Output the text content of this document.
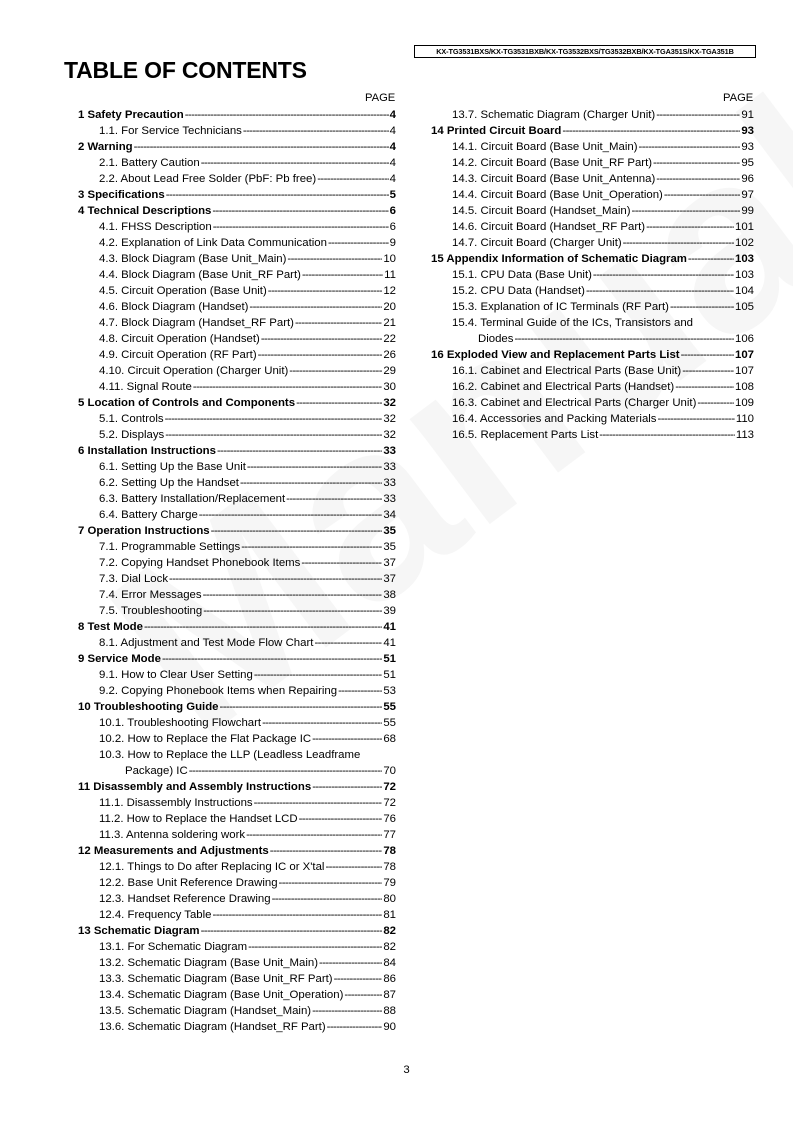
KX-TG3531BXS/KX-TG3531BXB/KX-TG3532BXS/TG3532BXB/KX-TGA351S/KX-TGA351B
TABLE OF CONTENTS
PAGE	PAGE
1 Safety Precaution -----	4
1.1. For Service Technicians -----	4
2 Warning -----	4
2.1. Battery Caution -----	4
2.2. About Lead Free Solder (PbF: Pb free) -----	4
3 Specifications -----	5
4 Technical Descriptions -----	6
4.1. FHSS Description -----	6
4.2. Explanation of Link Data Communication -----	9
4.3. Block Diagram (Base Unit_Main) -----	10
4.4. Block Diagram (Base Unit_RF Part) -----	11
4.5. Circuit Operation (Base Unit) -----	12
4.6. Block Diagram (Handset) -----	20
4.7. Block Diagram (Handset_RF Part) -----	21
4.8. Circuit Operation (Handset) -----	22
4.9. Circuit Operation (RF Part) -----	26
4.10. Circuit Operation (Charger Unit) -----	29
4.11. Signal Route -----	30
5 Location of Controls and Components -----	32
5.1. Controls -----	32
5.2. Displays -----	32
6 Installation Instructions -----	33
6.1. Setting Up the Base Unit -----	33
6.2. Setting Up the Handset -----	33
6.3. Battery Installation/Replacement -----	33
6.4. Battery Charge -----	34
7 Operation Instructions -----	35
7.1. Programmable Settings -----	35
7.2. Copying Handset Phonebook Items -----	37
7.3. Dial Lock -----	37
7.4. Error Messages -----	38
7.5. Troubleshooting -----	39
8 Test Mode -----	41
8.1. Adjustment and Test Mode Flow Chart -----	41
9 Service Mode -----	51
9.1. How to Clear User Setting -----	51
9.2. Copying Phonebook Items when Repairing -----	53
10 Troubleshooting Guide -----	55
10.1. Troubleshooting Flowchart -----	55
10.2. How to Replace the Flat Package IC -----	68
10.3. How to Replace the LLP (Leadless Leadframe
Package) IC -----	70
11 Disassembly and Assembly Instructions -----	72
11.1. Disassembly Instructions -----	72
11.2. How to Replace the Handset LCD -----	76
11.3. Antenna soldering work -----	77
12 Measurements and Adjustments -----	78
12.1. Things to Do after Replacing IC or X'tal -----	78
12.2. Base Unit Reference Drawing -----	79
12.3. Handset Reference Drawing -----	80
12.4. Frequency Table -----	81
13 Schematic Diagram -----	82
13.1. For Schematic Diagram -----	82
13.2. Schematic Diagram (Base Unit_Main) -----	84
13.3. Schematic Diagram (Base Unit_RF Part) -----	86
13.4. Schematic Diagram (Base Unit_Operation) -----	87
13.5. Schematic Diagram (Handset_Main) -----	88
13.6. Schematic Diagram (Handset_RF Part) -----	90
13.7. Schematic Diagram (Charger Unit) -----	91
14 Printed Circuit Board -----	93
14.1. Circuit Board (Base Unit_Main) -----	93
14.2. Circuit Board (Base Unit_RF Part) -----	95
14.3. Circuit Board (Base Unit_Antenna) -----	96
14.4. Circuit Board (Base Unit_Operation) -----	97
14.5. Circuit Board (Handset_Main) -----	99
14.6. Circuit Board (Handset_RF Part) -----	101
14.7. Circuit Board (Charger Unit) -----	102
15 Appendix Information of Schematic Diagram -----	103
15.1. CPU Data (Base Unit) -----	103
15.2. CPU Data (Handset) -----	104
15.3. Explanation of IC Terminals (RF Part) -----	105
15.4. Terminal Guide of the ICs, Transistors and
Diodes -----	106
16 Exploded View and Replacement Parts List -----	107
16.1. Cabinet and Electrical Parts (Base Unit) -----	107
16.2. Cabinet and Electrical Parts (Handset) -----	108
16.3. Cabinet and Electrical Parts (Charger Unit) -----	109
16.4. Accessories and Packing Materials -----	110
16.5. Replacement Parts List -----	113
3
